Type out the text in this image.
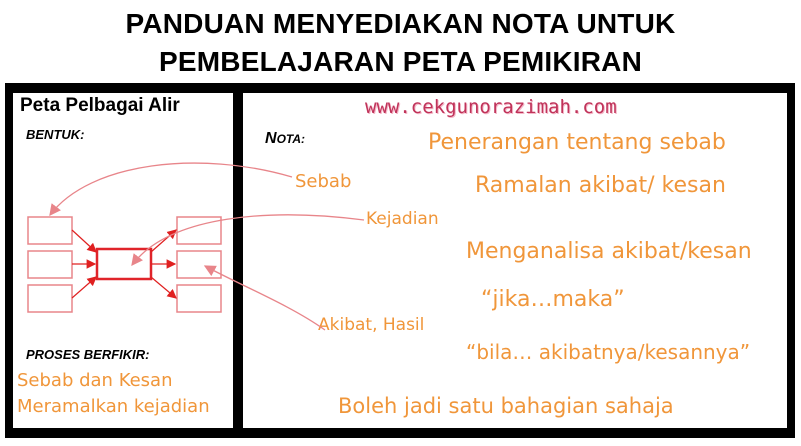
PANDUAN MENYEDIAKAN NOTA UNTUK
PEMBELAJARAN PETA PEMIKIRAN
Peta Pelbagai Alir
BENTUK:
PROSES BERFIKIR:
Sebab dan Kesan
Meramalkan kejadian
www.cekgunorazimah.com
NOTA:
Sebab
Kejadian
Akibat, Hasil
Penerangan tentang sebab
Ramalan akibat/ kesan
Menganalisa akibat/kesan
“jika…maka”
“bila… akibatnya/kesannya”
Boleh jadi satu bahagian sahaja
